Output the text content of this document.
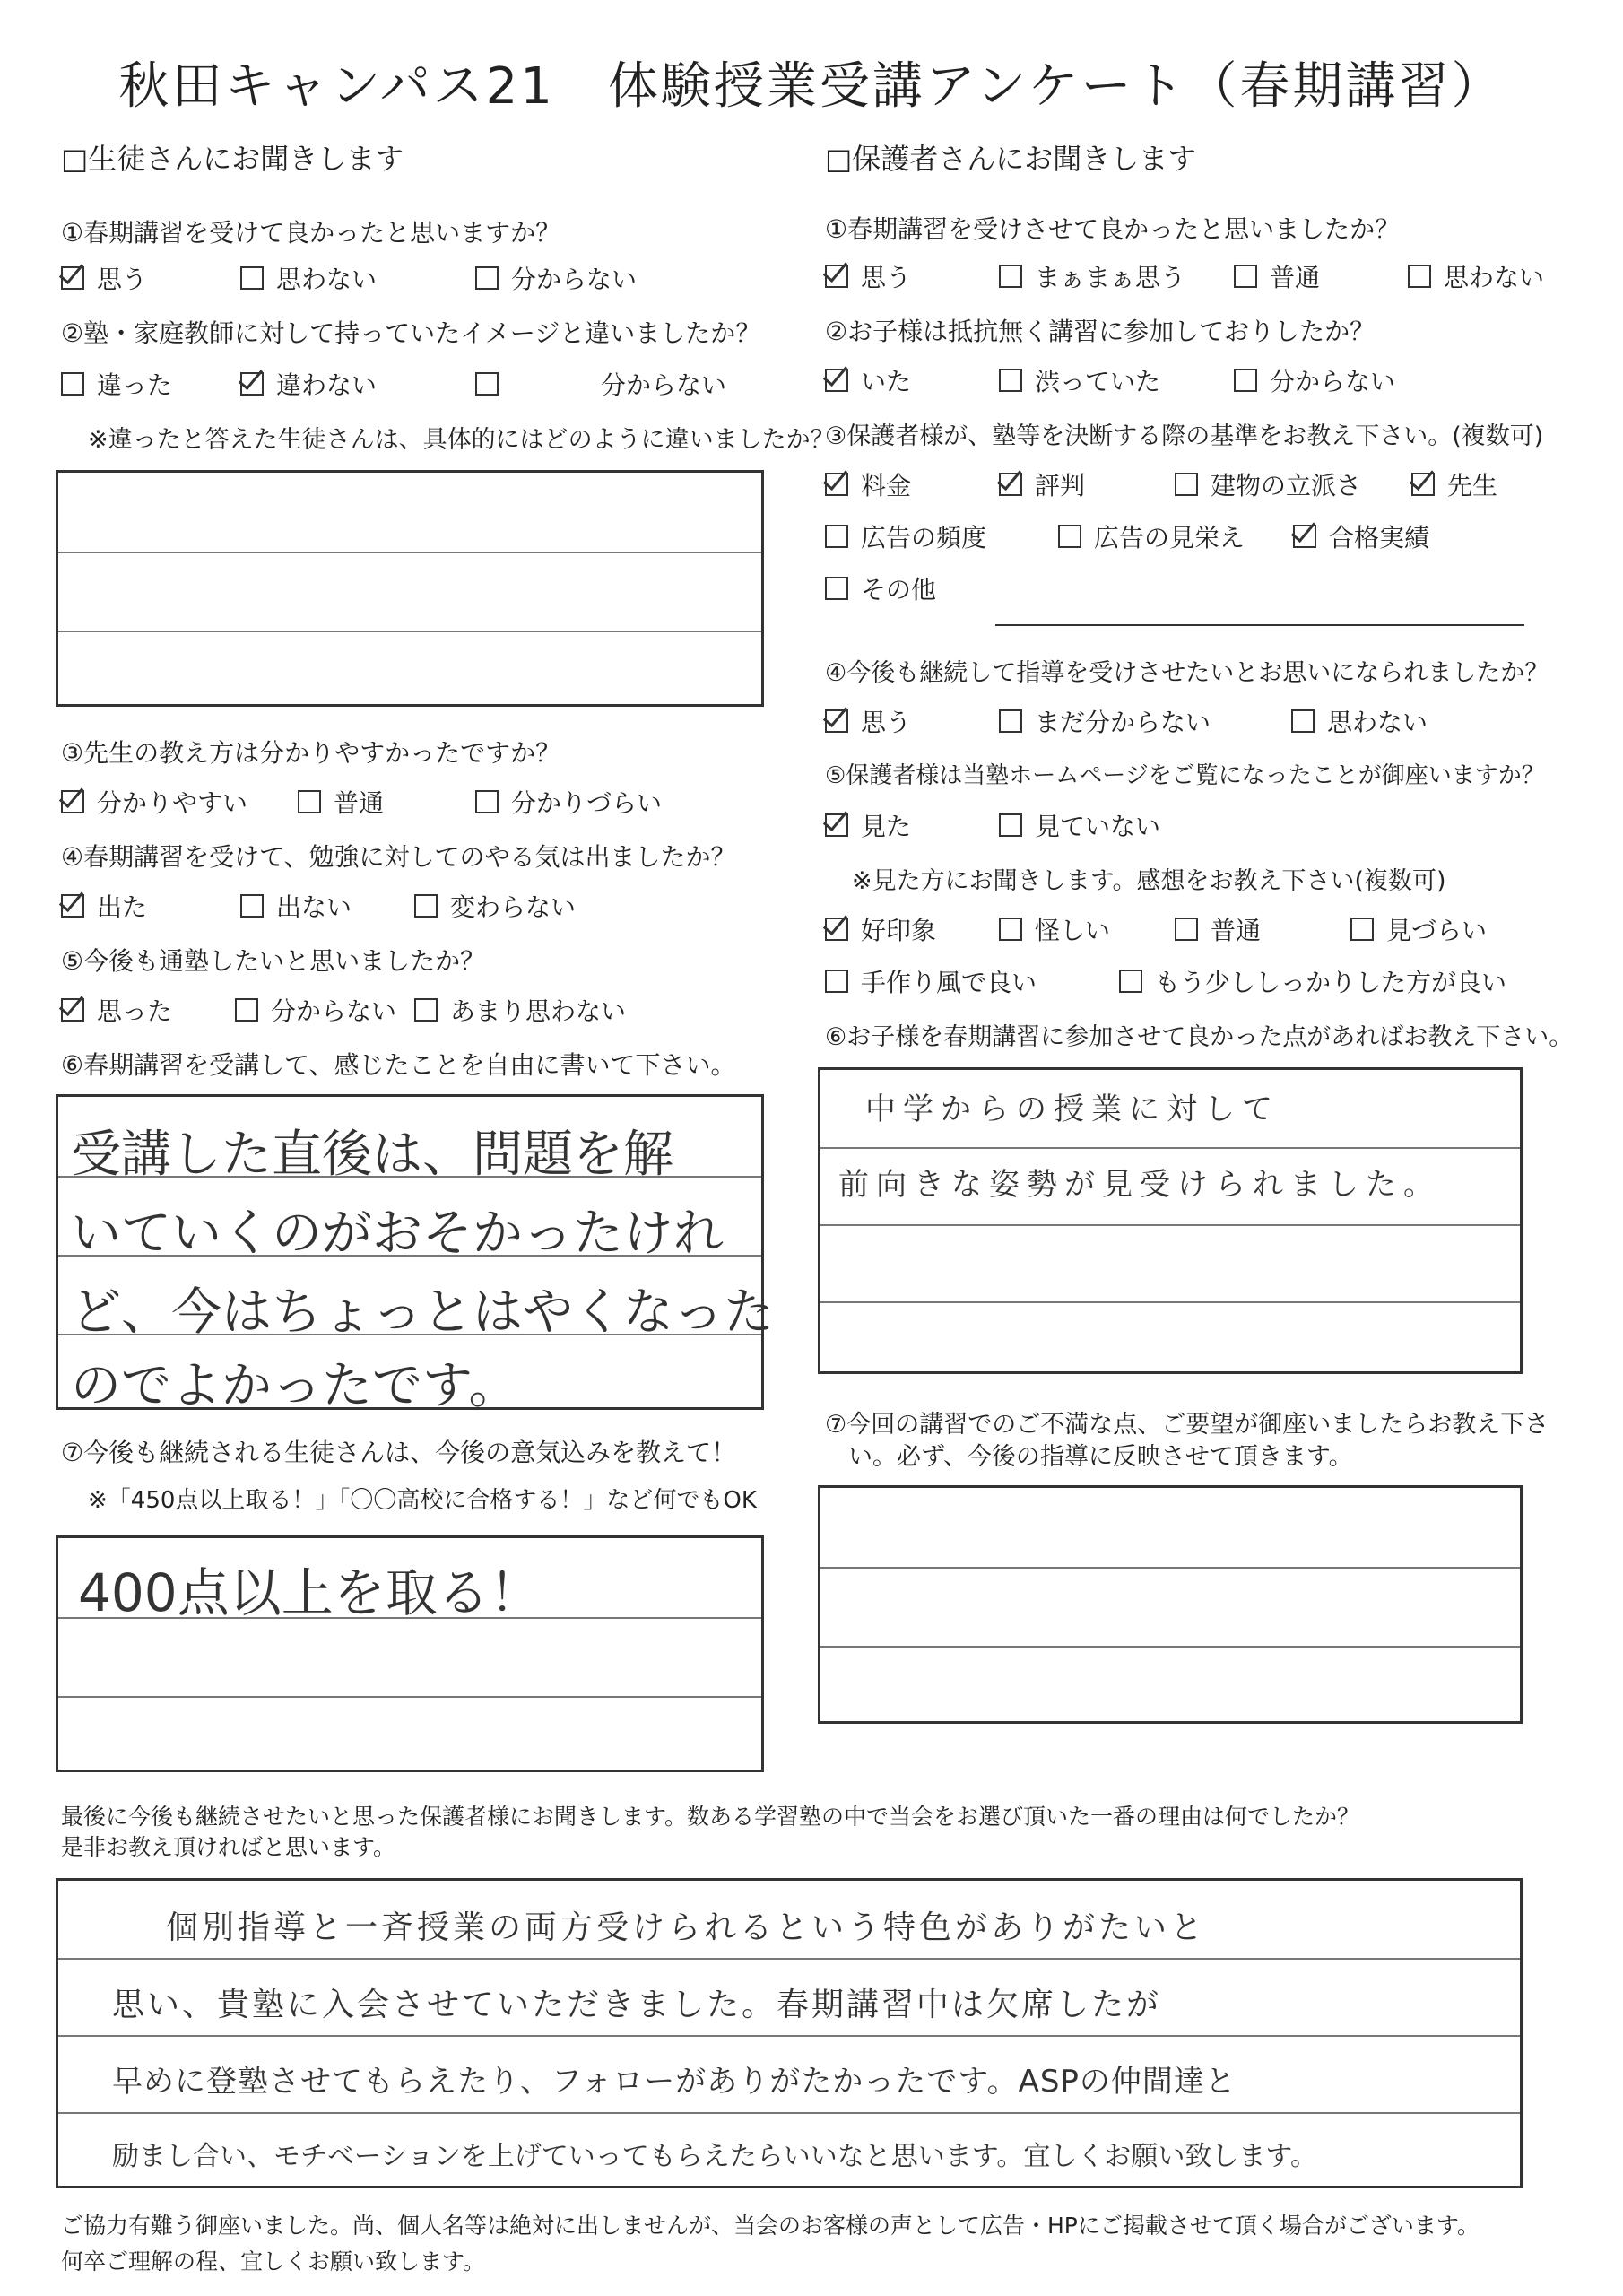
秋田キャンパス21　体験授業受講アンケート（春期講習）
□生徒さんにお聞きします
①春期講習を受けて良かったと思いますか？
思う	思わない	分からない
②塾・家庭教師に対して持っていたイメージと違いましたか？
違った	違わない	分からない
※違ったと答えた生徒さんは、具体的にはどのように違いましたか？
③先生の教え方は分かりやすかったですか？
分かりやすい	普通	分かりづらい
④春期講習を受けて、勉強に対してのやる気は出ましたか？
出た	出ない	変わらない
⑤今後も通塾したいと思いましたか？
思った	分からない あまり思わない
⑥春期講習を受講して、感じたことを自由に書いて下さい。
受講した直後は、問題を解
いていくのがおそかったけれ
ど、今はちょっとはやくなった
のでよかったです。
⑦今後も継続される生徒さんは、今後の意気込みを教えて！
※「450点以上取る！」「〇〇高校に合格する！」など何でもOK
400点以上を取る！
□保護者さんにお聞きします
①春期講習を受けさせて良かったと思いましたか？
思う	まぁまぁ思う	普通	思わない
②お子様は抵抗無く講習に参加しておりしたか？
いた	渋っていた	分からない
③保護者様が、塾等を決断する際の基準をお教え下さい。(複数可)
料金	評判	建物の立派さ	先生
広告の頻度	広告の見栄え	合格実績
その他
④今後も継続して指導を受けさせたいとお思いになられましたか？
思う	まだ分からない	思わない
⑤保護者様は当塾ホームページをご覧になったことが御座いますか？
見た	見ていない
※見た方にお聞きします。感想をお教え下さい(複数可)
好印象	怪しい	普通	見づらい
手作り風で良い	もう少ししっかりした方が良い
⑥お子様を春期講習に参加させて良かった点があればお教え下さい。
中学からの授業に対して
前向きな姿勢が見受けられました。
⑦今回の講習でのご不満な点、ご要望が御座いましたらお教え下さ
い。必ず、今後の指導に反映させて頂きます。
最後に今後も継続させたいと思った保護者様にお聞きします。数ある学習塾の中で当会をお選び頂いた一番の理由は何でしたか？
是非お教え頂ければと思います。
個別指導と一斉授業の両方受けられるという特色がありがたいと
思い、貴塾に入会させていただきました。春期講習中は欠席したが
早めに登塾させてもらえたり、フォローがありがたかったです。ASPの仲間達と
励まし合い、モチベーションを上げていってもらえたらいいなと思います。宜しくお願い致します。
ご協力有難う御座いました。尚、個人名等は絶対に出しませんが、当会のお客様の声として広告・HPにご掲載させて頂く場合がございます。
何卒ご理解の程、宜しくお願い致します。
